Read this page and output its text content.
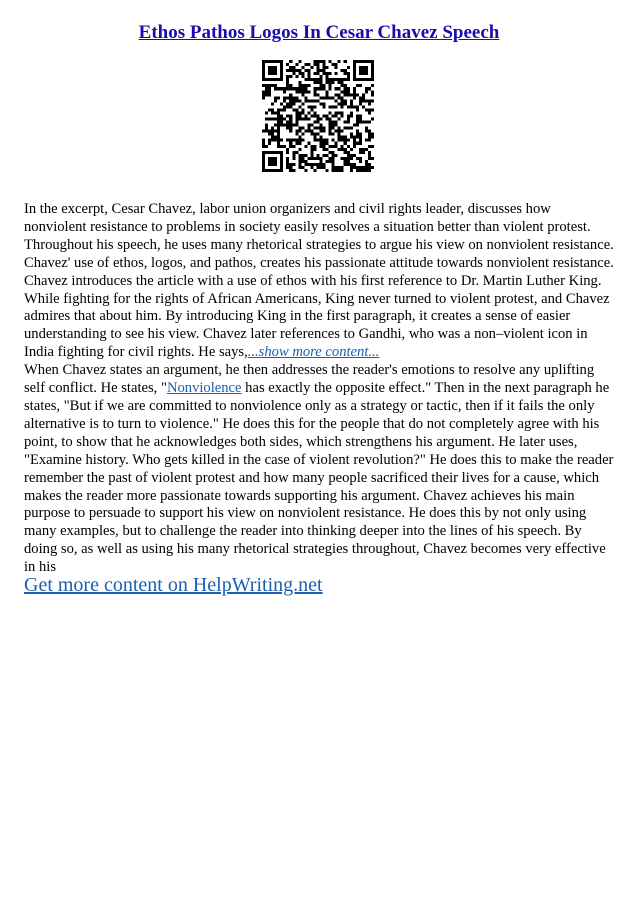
Ethos Pathos Logos In Cesar Chavez Speech

In the excerpt, Cesar Chavez, labor union organizers and civil rights leader, discusses how nonviolent resistance to problems in society easily resolves a situation better than violent protest. Throughout his speech, he uses many rhetorical strategies to argue his view on nonviolent resistance. Chavez' use of ethos, logos, and pathos, creates his passionate attitude towards nonviolent resistance. Chavez introduces the article with a use of ethos with his first reference to Dr. Martin Luther King. While fighting for the rights of African Americans, King never turned to violent protest, and Chavez admires that about him. By introducing King in the first paragraph, it creates a sense of easier understanding to see his view. Chavez later references to Gandhi, who was a non–violent icon in India fighting for civil rights. He says,...show more content...

When Chavez states an argument, he then addresses the reader's emotions to resolve any uplifting self conflict. He states, "Nonviolence has exactly the opposite effect." Then in the next paragraph he states, "But if we are committed to nonviolence only as a strategy or tactic, then if it fails the only alternative is to turn to violence." He does this for the people that do not completely agree with his point, to show that he acknowledges both sides, which strengthens his argument. He later uses, "Examine history. Who gets killed in the case of violent revolution?" He does this to make the reader remember the past of violent protest and how many people sacrificed their lives for a cause, which makes the reader more passionate towards supporting his argument. Chavez achieves his main purpose to persuade to support his view on nonviolent resistance. He does this by not only using many examples, but to challenge the reader into thinking deeper into the lines of his speech. By doing so, as well as using his many rhetorical strategies throughout, Chavez becomes very effective in his

Get more content on HelpWriting.net
